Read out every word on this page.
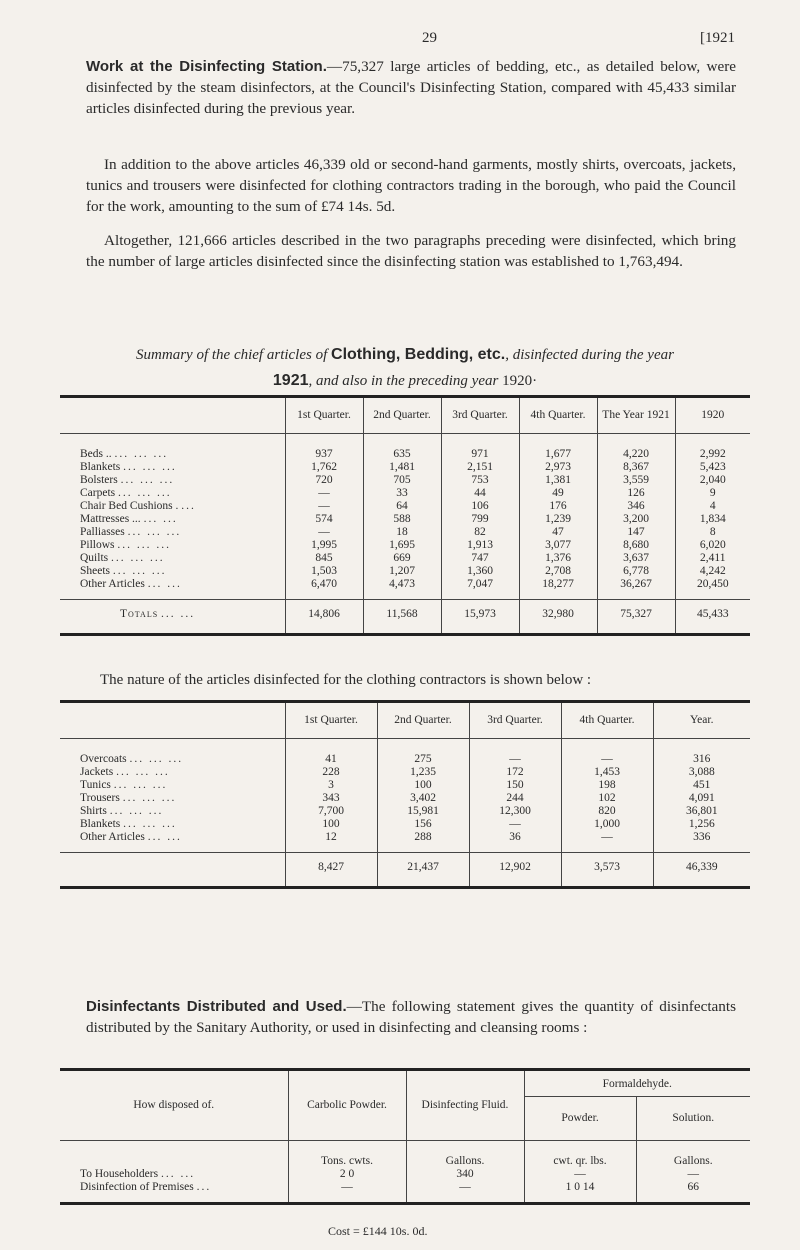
29	[1921

Work at the Disinfecting Station.—75,327 large articles of bedding, etc., as detailed below, were disinfected by the steam disinfectors, at the Council's Disinfecting Station, compared with 45,433 similar articles disinfected during the previous year.

In addition to the above articles 46,339 old or second-hand garments, mostly shirts, overcoats, jackets, tunics and trousers were disinfected for clothing contractors trading in the borough, who paid the Council for the work, amounting to the sum of £74 14s. 5d.

Altogether, 121,666 articles described in the two paragraphs preceding were disinfected, which bring the number of large articles disinfected since the disinfecting station was established to 1,763,494.

Summary of the chief articles of Clothing, Bedding, etc., disinfected during the year
1921, and also in the preceding year 1920·
	1st Quarter.	2nd Quarter.	3rd Quarter.	4th Quarter.	The Year 1921	1920
Beds .. ... ... ...	937	635	971	1,677	4,220	2,992
Blankets ... ... ...	1,762	1,481	2,151	2,973	8,367	5,423
Bolsters ... ... ...	720	705	753	1,381	3,559	2,040
Carpets ... ... ...	—	33	44	49	126	9
Chair Bed Cushions . ...	—	64	106	176	346	4
Mattresses ... ... ...	574	588	799	1,239	3,200	1,834
Palliasses ... ... ...	—	18	82	47	147	8
Pillows ... ... ...	1,995	1,695	1,913	3,077	8,680	6,020
Quilts ... ... ...	845	669	747	1,376	3,637	2,411
Sheets ... ... ...	1,503	1,207	1,360	2,708	6,778	4,242
Other Articles ... ...	6,470	4,473	7,047	18,277	36,267	20,450
Totals ... ...	14,806	11,568	15,973	32,980	75,327	45,433
The nature of the articles disinfected for the clothing contractors is shown below :
	1st Quarter.	2nd Quarter.	3rd Quarter.	4th Quarter.	Year.
Overcoats ... ... ...	41	275	—	—	316
Jackets ... ... ...	228	1,235	172	1,453	3,088
Tunics ... ... ...	3	100	150	198	451
Trousers ... ... ...	343	3,402	244	102	4,091
Shirts ... ... ...	7,700	15,981	12,300	820	36,801
Blankets ... ... ...	100	156	—	1,000	1,256
Other Articles ... ...	12	288	36	—	336
	8,427	21,437	12,902	3,573	46,339

Disinfectants Distributed and Used.—The following statement gives the quantity of disinfectants distributed by the Sanitary Authority, or used in disinfecting and cleansing rooms :

How disposed of.	Carbolic Powder.	Disinfecting Fluid.	Formaldehyde.	
			Powder.	Solution.
	Tons. cwts.	Gallons.	cwt. qr. lbs.	Gallons.
To Householders ... ...	2 0	340	—	—
Disinfection of Premises ...	—	—	1 0 14	66
Cost = £144 10s. 0d.
